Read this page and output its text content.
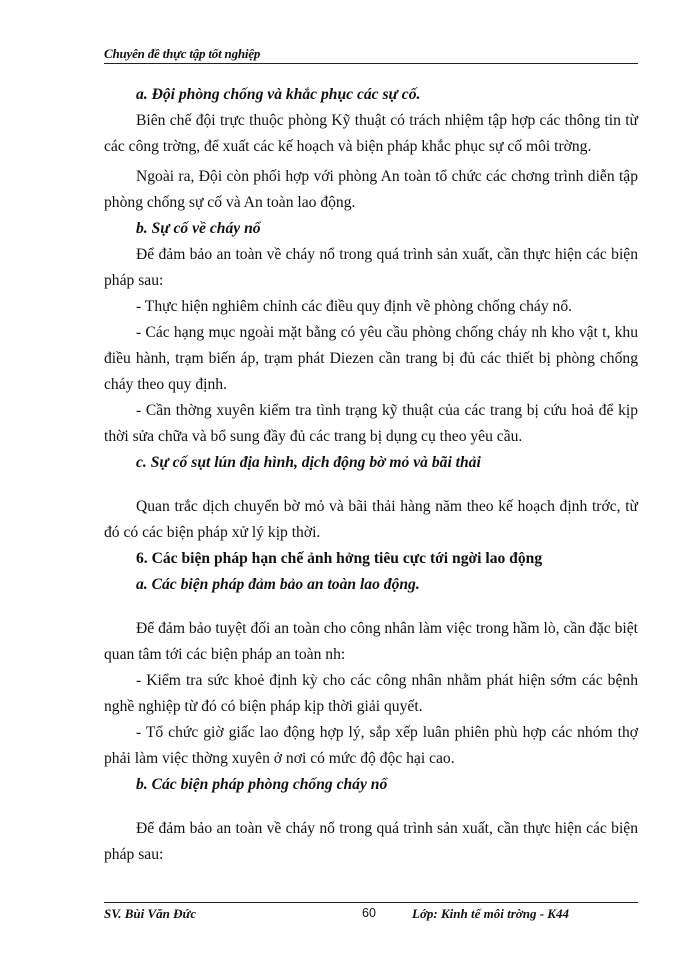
Chuyên đề thực tập tốt nghiệp

a. Đội phòng chống và khắc phục các sự cố.

Biên chế đội trực thuộc phòng Kỹ thuật có trách nhiệm tập hợp các thông tin từ các công trờng, để xuất các kế hoạch và biện pháp khắc phục sự cố môi trờng.

Ngoài ra, Đội còn phối hợp với phòng An toàn tổ chức các chơng trình diễn tập phòng chống sự cố và An toàn lao động.

b. Sự cố về cháy nổ

Để đảm bảo an toàn về cháy nổ trong quá trình sản xuất, cần thực hiện các biện pháp sau:

- Thực hiện nghiêm chỉnh các điều quy định về phòng chống cháy nổ.

- Các hạng mục ngoài mặt bằng có yêu cầu phòng chống cháy nh kho vật t, khu điều hành, trạm biến áp, trạm phát Diezen cần trang bị đủ các thiết bị phòng chống cháy theo quy định.

- Cần thờng xuyên kiểm tra tình trạng kỹ thuật của các trang bị cứu hoả để kịp thời sửa chữa và bổ sung đầy đủ các trang bị dụng cụ theo yêu cầu.

c. Sự cố sụt lún địa hình, dịch động bờ mỏ và bãi thải

Quan trắc dịch chuyển bờ mỏ và bãi thải hàng năm theo kế hoạch định trớc, từ đó có các biện pháp xử lý kịp thời.

6. Các biện pháp hạn chế ảnh hởng tiêu cực tới ngời lao động

a. Các biện pháp đảm bảo an toàn lao động.

Để đảm bảo tuyệt đối an toàn cho công nhân làm việc trong hầm lò, cần đặc biệt quan tâm tới các biện pháp an toàn nh:

- Kiểm tra sức khoẻ định kỳ cho các công nhân nhằm phát hiện sớm các bệnh nghề nghiệp từ đó có biện pháp kịp thời giải quyết.

- Tổ chức giờ giấc lao động hợp lý, sắp xếp luân phiên phù hợp các nhóm thợ phải làm việc thờng xuyên ở nơi có mức độ độc hại cao.

b. Các biện pháp phòng chống cháy nổ

Để đảm bảo an toàn về cháy nổ trong quá trình sản xuất, cần thực hiện các biện pháp sau:

SV. Bùi Văn Đức	60	Lớp: Kinh tế môi trờng - K44
